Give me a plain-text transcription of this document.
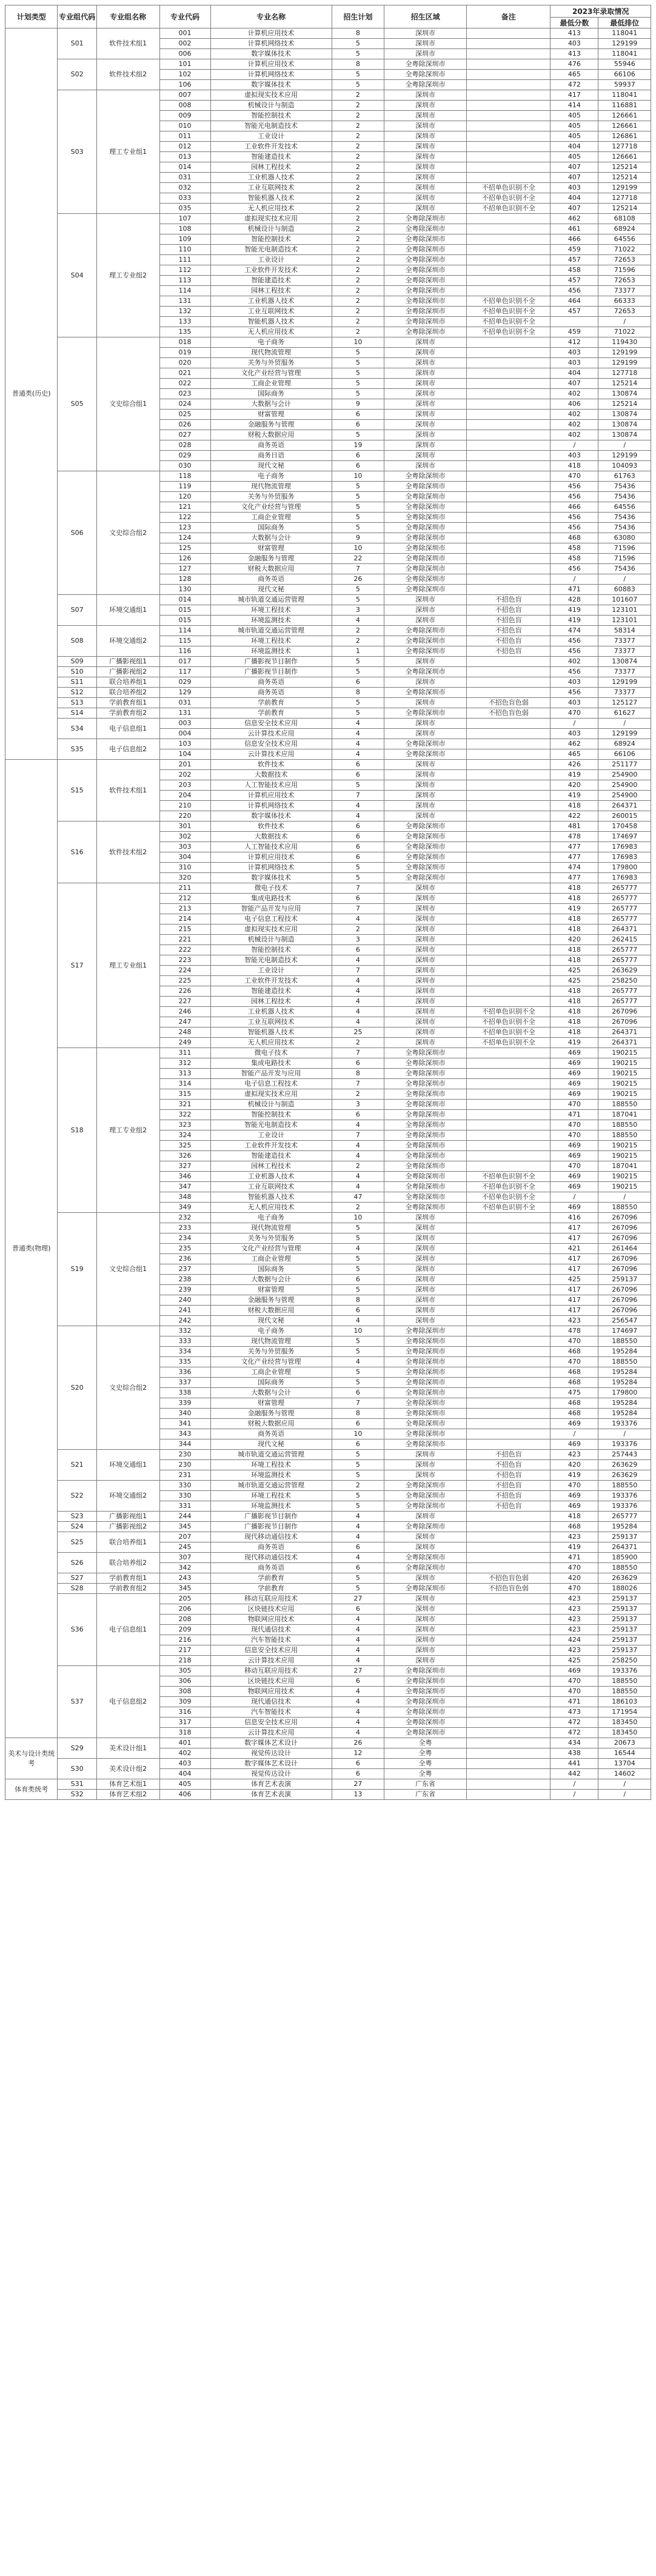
计划类型	专业组代码	专业组名称	专业代码	专业名称	招生计划	招生区域	备注	2023年录取情况	
								最低分数	最低排位
普通类(历史)	S01	软件技术组1	001	计算机应用技术	8	深圳市		413	118041
			002	计算机网络技术	5	深圳市		403	129199
			006	数字媒体技术	5	深圳市		413	118041
	S02	软件技术组2	101	计算机应用技术	8	全粤除深圳市		476	55946
			102	计算机网络技术	5	全粤除深圳市		465	66106
			106	数字媒体技术	5	全粤除深圳市		472	59937
	S03	理工专业组1	007	虚拟现实技术应用	2	深圳市		417	118041
			008	机械设计与制造	2	深圳市		414	116881
			009	智能控制技术	2	深圳市		405	126661
			010	智能光电制造技术	2	深圳市		405	126661
			011	工业设计	2	深圳市		405	126861
			012	工业软件开发技术	2	深圳市		404	127718
			013	智能建造技术	2	深圳市		405	126661
			014	园林工程技术	2	深圳市		407	125214
			031	工业机器人技术	2	深圳市		407	125214
			032	工业互联网技术	2	深圳市	不招单色识别不全	403	129199
			033	智能机器人技术	2	深圳市	不招单色识别不全	404	127718
			035	无人机应用技术	2	深圳市	不招单色识别不全	407	125214
	S04	理工专业组2	107	虚拟现实技术应用	2	全粤除深圳市		462	68108
			108	机械设计与制造	2	全粤除深圳市		461	68924
			109	智能控制技术	2	全粤除深圳市		466	64556
			110	智能光电制造技术	2	全粤除深圳市		459	71022
			111	工业设计	2	全粤除深圳市		457	72653
			112	工业软件开发技术	2	全粤除深圳市		458	71596
			113	智能建造技术	2	全粤除深圳市		457	72653
			114	园林工程技术	2	全粤除深圳市		456	73377
			131	工业机器人技术	2	全粤除深圳市	不招单色识别不全	464	66333
			132	工业互联网技术	2	全粤除深圳市	不招单色识别不全	457	72653
			133	智能机器人技术	2	全粤除深圳市	不招单色识别不全		/
			135	无人机应用技术	2	全粤除深圳市	不招单色识别不全	459	71022
	S05	文史综合组1	018	电子商务	10	深圳市		412	119430
			019	现代物流管理	5	深圳市		403	129199
			020	关务与外贸服务	5	深圳市		403	129199
			021	文化产业经营与管理	5	深圳市		404	127718
			022	工商企业管理	5	深圳市		407	125214
			023	国际商务	5	深圳市		402	130874
			024	大数据与会计	9	深圳市		406	125214
			025	财富管理	6	深圳市		402	130874
			026	金融服务与管理	6	深圳市		402	130874
			027	财税大数据应用	5	深圳市		402	130874
			028	商务英语	19	深圳市		/	/
			029	商务日语	6	深圳市		403	129199
			030	现代文秘	6	深圳市		418	104093
	S06	文史综合组2	118	电子商务	10	全粤除深圳市		470	61763
			119	现代物流管理	5	全粤除深圳市		456	75436
			120	关务与外贸服务	5	全粤除深圳市		456	75436
			121	文化产业经营与管理	5	全粤除深圳市		466	64556
			122	工商企业管理	5	全粤除深圳市		456	75436
			123	国际商务	5	全粤除深圳市		456	75436
			124	大数据与会计	9	全粤除深圳市		468	63080
			125	财富管理	10	全粤除深圳市		458	71596
			126	金融服务与管理	22	全粤除深圳市		458	71596
			127	财税大数据应用	7	全粤除深圳市		456	75436
			128	商务英语	26	全粤除深圳市		/	/
			130	现代文秘	5	全粤除深圳市		471	60883
	S07	环境交通组1	014	城市轨道交通运营管理	5	深圳市	不招色盲	428	101607
			015	环境工程技术	3	深圳市	不招色盲	419	123101
			015	环境监测技术	4	深圳市	不招色盲	419	123101
	S08	环境交通组2	114	城市轨道交通运营管理	2	全粤除深圳市	不招色盲	474	58314
			115	环境工程技术	2	全粤除深圳市	不招色盲	456	73377
			116	环境监测技术	1	全粤除深圳市	不招色盲	456	73377
	S09	广播影视组1	017	广播影视节目制作	5	深圳市		402	130874
	S10	广播影视组2	117	广播影视节目制作	5	全粤除深圳市		456	73377
	S11	联合培养组1	029	商务英语	6	深圳市		403	129199
	S12	联合培养组2	129	商务英语	8	全粤除深圳市		456	73377
	S13	学前教育组1	031	学前教育	5	深圳市	不招色盲色弱	403	125127
	S14	学前教育组2	131	学前教育	5	全粤除深圳市	不招色盲色弱	470	61627
	S34	电子信息组1	003	信息安全技术应用	4	深圳市		/	/
			004	云计算技术应用	4	深圳市		403	129199
	S35	电子信息组2	103	信息安全技术应用	4	全粤除深圳市		462	68924
			104	云计算技术应用	4	全粤除深圳市		465	66106
普通类(物理)	S15	软件技术组1	201	软件技术	6	深圳市		426	251177
			202	大数据技术	6	深圳市		419	254900
			203	人工智能技术应用	5	深圳市		420	254900
			204	计算机应用技术	7	深圳市		419	254900
			210	计算机网络技术	4	深圳市		418	264371
			220	数字媒体技术	4	深圳市		422	260015
	S16	软件技术组2	301	软件技术	6	全粤除深圳市		481	170458
			302	大数据技术	6	全粤除深圳市		478	174697
			303	人工智能技术应用	6	全粤除深圳市		477	176983
			304	计算机应用技术	6	全粤除深圳市		477	176983
			310	计算机网络技术	5	全粤除深圳市		474	179800
			320	数字媒体技术	5	全粤除深圳市		477	176983
	S17	理工专业组1	211	微电子技术	7	深圳市		418	265777
			212	集成电路技术	6	深圳市		418	265777
			213	智能产品开发与应用	7	深圳市		419	265777
			214	电子信息工程技术	4	深圳市		418	265777
			215	虚拟现实技术应用	2	深圳市		418	264371
			221	机械设计与制造	3	深圳市		420	262415
			222	智能控制技术	6	深圳市		418	265777
			223	智能光电制造技术	4	深圳市		418	265777
			224	工业设计	7	深圳市		425	263629
			225	工业软件开发技术	4	深圳市		425	258250
			226	智能建造技术	4	深圳市		418	265777
			227	园林工程技术	4	深圳市		418	265777
			246	工业机器人技术	4	深圳市	不招单色识别不全	418	267096
			247	工业互联网技术	4	深圳市	不招单色识别不全	418	267096
			248	智能机器人技术	25	深圳市	不招单色识别不全	418	264371
			249	无人机应用技术	2	深圳市	不招单色识别不全	419	264371
	S18	理工专业组2	311	微电子技术	7	全粤除深圳市		469	190215
			312	集成电路技术	6	全粤除深圳市		469	190215
			313	智能产品开发与应用	8	全粤除深圳市		469	190215
			314	电子信息工程技术	7	全粤除深圳市		469	190215
			315	虚拟现实技术应用	2	全粤除深圳市		469	190215
			321	机械设计与制造	3	全粤除深圳市		470	188550
			322	智能控制技术	6	全粤除深圳市		471	187041
			323	智能光电制造技术	4	全粤除深圳市		470	188550
			324	工业设计	7	全粤除深圳市		470	188550
			325	工业软件开发技术	4	全粤除深圳市		469	190215
			326	智能建造技术	4	全粤除深圳市		469	190215
			327	园林工程技术	2	全粤除深圳市		470	187041
			346	工业机器人技术	4	全粤除深圳市	不招单色识别不全	469	190215
			347	工业互联网技术	4	全粤除深圳市	不招单色识别不全	469	190215
			348	智能机器人技术	47	全粤除深圳市	不招单色识别不全	/	/
			349	无人机应用技术	2	全粤除深圳市	不招单色识别不全	469	188550
	S19	文史综合组1	232	电子商务	10	深圳市		416	267096
			233	现代物流管理	5	深圳市		417	267096
			234	关务与外贸服务	5	深圳市		417	267096
			235	文化产业经营与管理	4	深圳市		421	261464
			236	工商企业管理	5	深圳市		417	267096
			237	国际商务	5	深圳市		417	267096
			238	大数据与会计	6	深圳市		425	259137
			239	财富管理	5	深圳市		417	267096
			240	金融服务与管理	8	深圳市		417	267096
			241	财税大数据应用	6	深圳市		417	267096
			242	现代文秘	4	深圳市		423	256547
	S20	文史综合组2	332	电子商务	10	全粤除深圳市		478	174697
			333	现代物流管理	5	全粤除深圳市		470	188550
			334	关务与外贸服务	5	全粤除深圳市		468	195284
			335	文化产业经营与管理	4	全粤除深圳市		470	188550
			336	工商企业管理	5	全粤除深圳市		468	195284
			337	国际商务	5	全粤除深圳市		468	195284
			338	大数据与会计	6	全粤除深圳市		475	179800
			339	财富管理	7	全粤除深圳市		468	195284
			340	金融服务与管理	8	全粤除深圳市		468	195284
			341	财税大数据应用	6	全粤除深圳市		469	193376
			343	商务英语	10	全粤除深圳市		/	/
			344	现代文秘	6	全粤除深圳市		469	193376
	S21	环境交通组1	230	城市轨道交通运营管理	5	深圳市	不招色盲	423	257443
			230	环境工程技术	5	深圳市	不招色盲	420	263629
			231	环境监测技术	5	深圳市	不招色盲	419	263629
	S22	环境交通组2	330	城市轨道交通运营管理	2	全粤除深圳市	不招色盲	470	188550
			330	环境工程技术	5	全粤除深圳市	不招色盲	469	193376
			331	环境监测技术	5	全粤除深圳市	不招色盲	469	193376
	S23	广播影视组1	244	广播影视节目制作	4	深圳市		418	265777
	S24	广播影视组2	345	广播影视节目制作	4	全粤除深圳市		468	195284
	S25	联合培养组1	207	现代移动通信技术	4	深圳市		423	259137
			245	商务英语	6	深圳市		419	264371
	S26	联合培养组2	307	现代移动通信技术	4	全粤除深圳市		471	185900
			342	商务英语	6	全粤除深圳市		470	188550
	S27	学前教育组1	243	学前教育	5	深圳市	不招色盲色弱	420	263629
	S28	学前教育组2	345	学前教育	5	全粤除深圳市	不招色盲色弱	470	188026
	S36	电子信息组1	205	移动互联应用技术	27	深圳市		423	259137
			206	区块链技术应用	6	深圳市		423	259137
			208	物联网应用技术	4	深圳市		423	259137
			209	现代通信技术	4	深圳市		423	259137
			216	汽车智能技术	4	深圳市		424	259137
			217	信息安全技术应用	4	深圳市		423	259137
			218	云计算技术应用	4	深圳市		425	258250
	S37	电子信息组2	305	移动互联应用技术	27	全粤除深圳市		469	193376
			306	区块链技术应用	6	全粤除深圳市		470	188550
			308	物联网应用技术	4	全粤除深圳市		470	188550
			309	现代通信技术	4	全粤除深圳市		471	186103
			316	汽车智能技术	4	全粤除深圳市		473	171954
			317	信息安全技术应用	4	全粤除深圳市		472	183450
			318	云计算技术应用	4	全粤除深圳市		472	183450
美术与设计类统考	S29	美术设计组1	401	数字媒体艺术设计	26	全粤		434	20673
			402	视觉传达设计	12	全粤		438	16544
	S30	美术设计组2	403	数字媒体艺术设计	6	全粤		441	13704
			404	视觉传达设计	6	全粤		442	14602
体育类统考	S31	体育艺术组1	405	体育艺术表演	27	广东省		/	/
	S32	体育艺术组2	406	体育艺术表演	13	广东省		/	/
